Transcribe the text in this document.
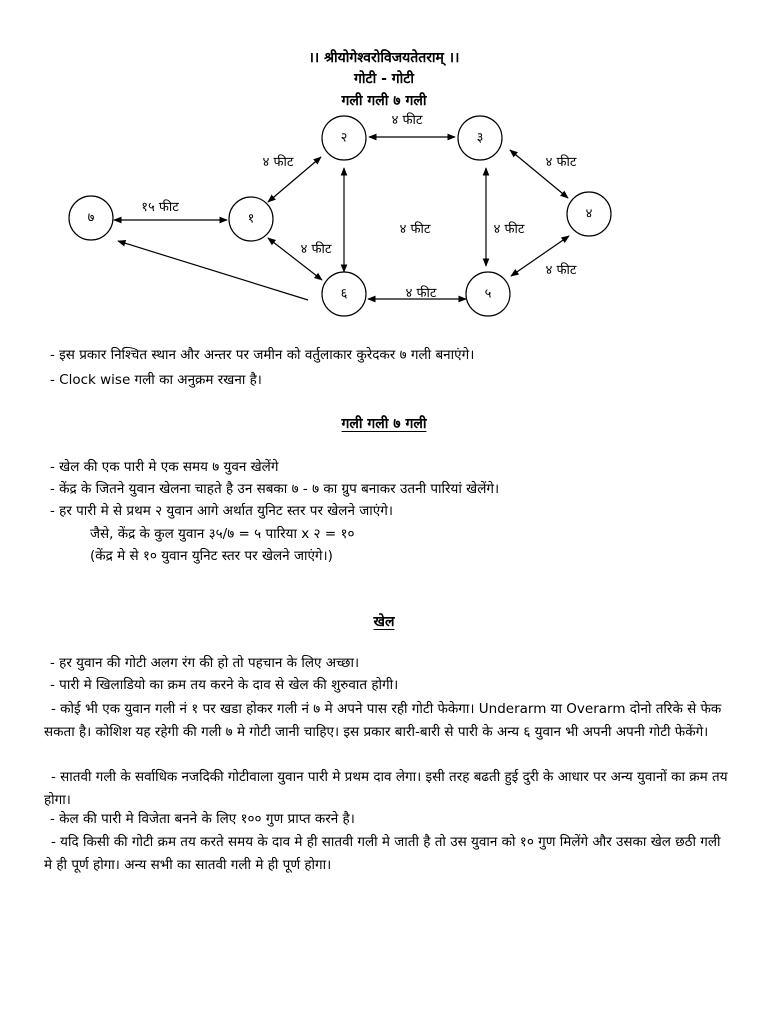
।। श्रीयोगेश्वरोविजयतेतराम् ।।
गोटी - गोटी
गली गली ७ गली
७	१
२	३
४
५
६
१५ फीट
४ फीट
४ फीट
४ फीट
४ फीट
४ फीट
४ फीट
४ फीट	४ फीट
- इस प्रकार निश्चित स्थान और अन्तर पर जमीन को वर्तुलाकार कुरेदकर ७ गली बनाएंगे।
- Clock wise गली का अनुक्रम रखना है।
गली गली ७ गली
- खेल की एक पारी मे एक समय ७ युवन खेलेंगे
- केंद्र के जितने युवान खेलना चाहते है उन सबका ७ - ७ का ग्रुप बनाकर उतनी पारियां खेलेंगे।
- हर पारी मे से प्रथम २ युवान आगे अर्थात युनिट स्तर पर खेलने जाएंगे।
जैसे, केंद्र के कुल युवान ३५/७ = ५ पारिया x २ = १०
(केंद्र मे से १० युवान युनिट स्तर पर खेलने जाएंगे।)
खेल
- हर युवान की गोटी अलग रंग की हो तो पहचान के लिए अच्छा।
- पारी मे खिलाडियो का क्रम तय करने के दाव से खेल की शुरुवात होगी।
- कोई भी एक युवान गली नं १ पर खडा होकर गली नं ७ मे अपने पास रही गोटी फेकेगा। Underarm या Overarm दोनो तरिके से फेक सकता है। कोशिश यह रहेगी की गली ७ मे गोटी जानी चाहिए। इस प्रकार बारी-बारी से पारी के अन्य ६ युवान भी अपनी अपनी गोटी फेकेंगे।
- सातवी गली के सर्वाधिक नजदिकी गोटीवाला युवान पारी मे प्रथम दाव लेगा। इसी तरह बढती हुई दुरी के आधार पर अन्य युवानों का क्रम तय होगा।
- केल की पारी मे विजेता बनने के लिए १०० गुण प्राप्त करने है।
- यदि किसी की गोटी क्रम तय करते समय के दाव मे ही सातवी गली मे जाती है तो उस युवान को १० गुण मिलेंगे और उसका खेल छठी गली मे ही पूर्ण होगा। अन्य सभी का सातवी गली मे ही पूर्ण होगा।
